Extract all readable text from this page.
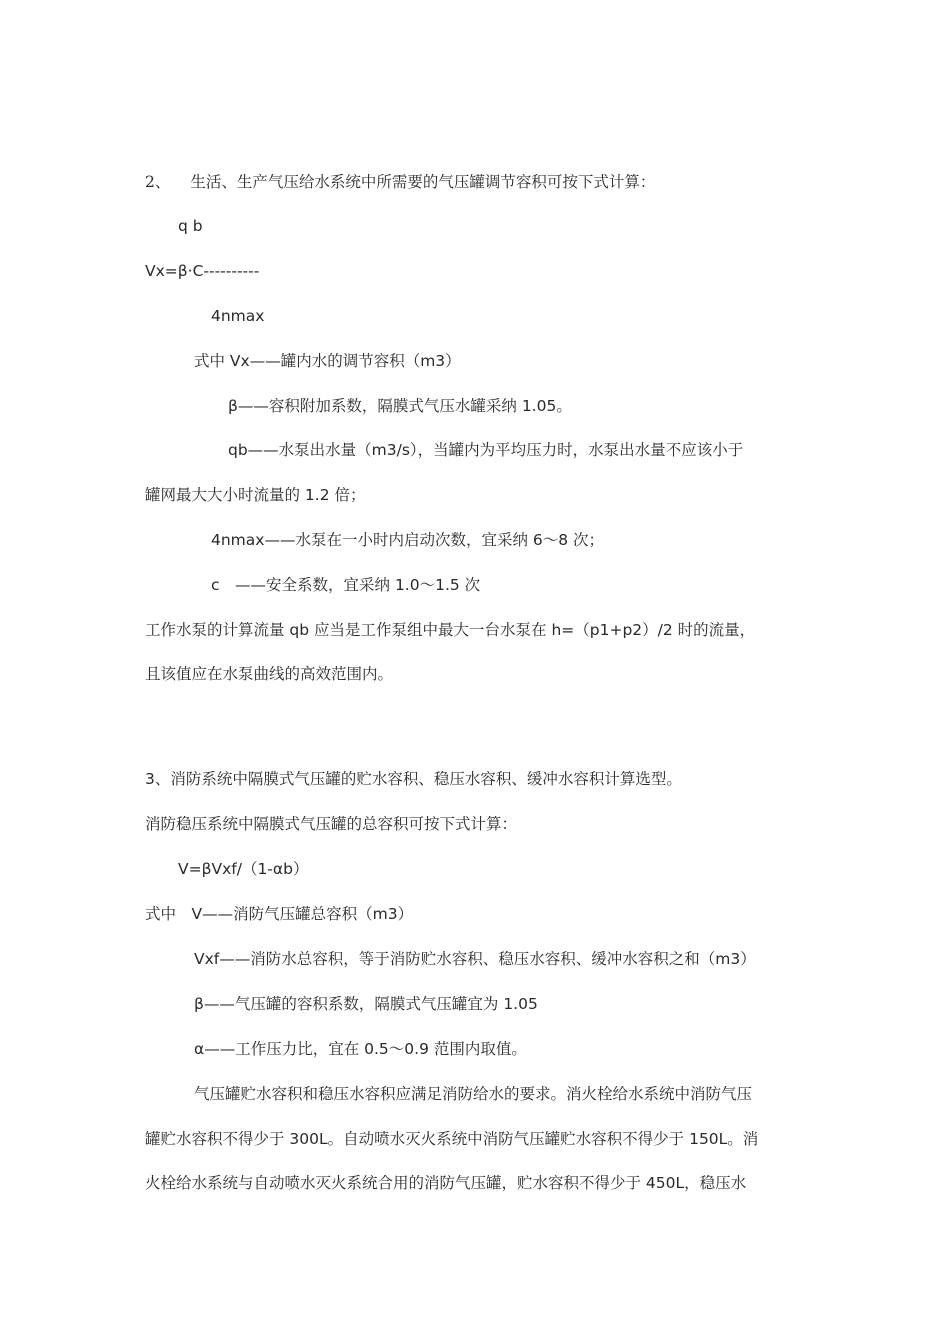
2、 生活、生产气压给水系统中所需要的气压罐调节容积可按下式计算：
q b
Vx=β·C----------
4nmax
式中 Vx——罐内水的调节容积（m3）
β——容积附加系数，隔膜式气压水罐采纳 1.05。
qb——水泵出水量（m3/s），当罐内为平均压力时，水泵出水量不应该小于
罐网最大大小时流量的 1.2 倍；
4nmax——水泵在一小时内启动次数，宜采纳 6～8 次；
c　——安全系数，宜采纳 1.0～1.5 次
工作水泵的计算流量 qb 应当是工作泵组中最大一台水泵在 h=（p1+p2）/2 时的流量，
且该值应在水泵曲线的高效范围内。
3、消防系统中隔膜式气压罐的贮水容积、稳压水容积、缓冲水容积计算选型。
消防稳压系统中隔膜式气压罐的总容积可按下式计算：
V=βVxf/（1-αb）
式中　V——消防气压罐总容积（m3）
Vxf——消防水总容积，等于消防贮水容积、稳压水容积、缓冲水容积之和（m3）
β——气压罐的容积系数，隔膜式气压罐宜为 1.05
α——工作压力比，宜在 0.5～0.9 范围内取值。
气压罐贮水容积和稳压水容积应满足消防给水的要求。消火栓给水系统中消防气压
罐贮水容积不得少于 300L。自动喷水灭火系统中消防气压罐贮水容积不得少于 150L。消
火栓给水系统与自动喷水灭火系统合用的消防气压罐，贮水容积不得少于 450L，稳压水
